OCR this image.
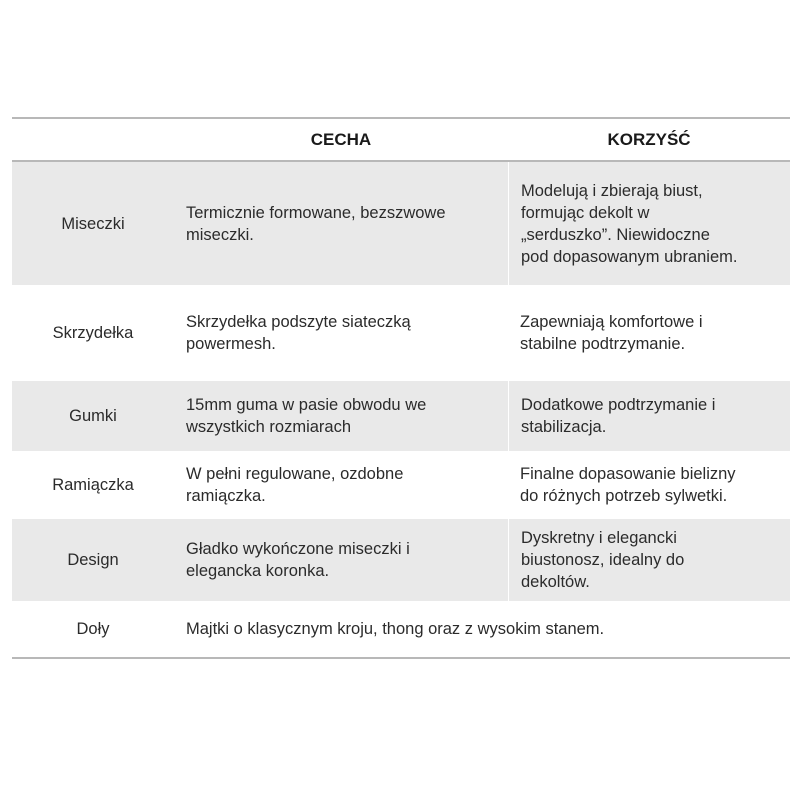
CECHA	KORZYŚĆ
Miseczki
Termicznie formowane, bezszwowe
miseczki.
Modelują i zbierają biust,
formując dekolt w
„serduszko”. Niewidoczne
pod dopasowanym ubraniem.
Skrzydełka
Skrzydełka podszyte siateczką
powermesh.
Zapewniają komfortowe i
stabilne podtrzymanie.
Gumki
15mm guma w pasie obwodu we
wszystkich rozmiarach
Dodatkowe podtrzymanie i
stabilizacja.
Ramiączka
W pełni regulowane, ozdobne
ramiączka.
Finalne dopasowanie bielizny
do różnych potrzeb sylwetki.
Design
Gładko wykończone miseczki i
elegancka koronka.
Dyskretny i elegancki
biustonosz, idealny do
dekoltów.
Doły	Majtki o klasycznym kroju, thong oraz z wysokim stanem.
